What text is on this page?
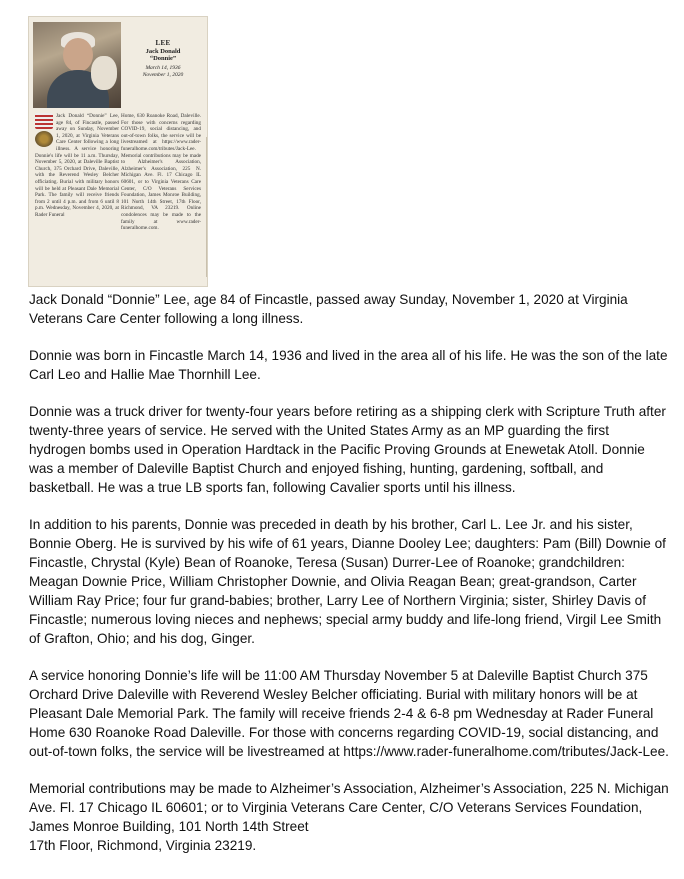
LEE
Jack Donald
“Donnie”
March 14, 1936
November 1, 2020
Jack Donald “Donnie” Lee, age 84, of Fincastle, passed away on Sunday, November 1, 2020, at Virginia Veterans Care Center following a long illness. A service honoring Donnie's life will be 11 a.m. Thursday, November 5, 2020, at Daleville Baptist Church, 375 Orchard Drive, Daleville, with the Reverend Wesley Belcher officiating. Burial with military honors will be held at Pleasant Dale Memorial Park. The family will receive friends from 2 until 4 p.m. and from 6 until 8 p.m. Wednesday, November 4, 2020, at Rader Funeral
Home, 630 Roanoke Road, Daleville. For those with concerns regarding COVID-19, social distancing, and out-of-town folks, the service will be livestreamed at https://www.rader-funeralhome.com/tributes/Jack-Lee. Memorial contributions may be made to Alzheimer's Association, Alzheimer's Association, 225 N. Michigan Ave. Fl. 17 Chicago IL 60601, or to Virginia Veterans Care Center, C/O Veterans Services Foundation, James Monroe Building, 101 North 14th Street, 17th Floor, Richmond, VA 23219. Online condolences may be made to the family at www.rader-funeralhome.com.

Jack Donald “Donnie” Lee, age 84 of Fincastle, passed away Sunday, November 1, 2020 at Virginia Veterans Care Center following a long illness.

Donnie was born in Fincastle March 14, 1936 and lived in the area all of his life. He was the son of the late Carl Leo and Hallie Mae Thornhill Lee.

Donnie was a truck driver for twenty-four years before retiring as a shipping clerk with Scripture Truth after twenty-three years of service. He served with the United States Army as an MP guarding the first hydrogen bombs used in Operation Hardtack in the Pacific Proving Grounds at Enewetak Atoll. Donnie was a member of Daleville Baptist Church and enjoyed fishing, hunting, gardening, softball, and basketball. He was a true LB sports fan, following Cavalier sports until his illness.

In addition to his parents, Donnie was preceded in death by his brother, Carl L. Lee Jr. and his sister, Bonnie Oberg. He is survived by his wife of 61 years, Dianne Dooley Lee; daughters: Pam (Bill) Downie of Fincastle, Chrystal (Kyle) Bean of Roanoke, Teresa (Susan) Durrer-Lee of Roanoke; grandchildren: Meagan Downie Price, William Christopher Downie, and Olivia Reagan Bean; great-grandson, Carter William Ray Price; four fur grand-babies; brother, Larry Lee of Northern Virginia; sister, Shirley Davis of Fincastle; numerous loving nieces and nephews; special army buddy and life-long friend, Virgil Lee Smith of Grafton, Ohio; and his dog, Ginger.

A service honoring Donnie’s life will be 11:00 AM Thursday November 5 at Daleville Baptist Church 375 Orchard Drive Daleville with Reverend Wesley Belcher officiating. Burial with military honors will be at Pleasant Dale Memorial Park. The family will receive friends 2-4 & 6-8 pm Wednesday at Rader Funeral Home 630 Roanoke Road Daleville. For those with concerns regarding COVID-19, social distancing, and out-of-town folks, the service will be livestreamed at https://www.rader-funeralhome.com/tributes/Jack-Lee.

Memorial contributions may be made to Alzheimer’s Association, Alzheimer’s Association, 225 N. Michigan Ave. Fl. 17 Chicago IL 60601; or to Virginia Veterans Care Center, C/O Veterans Services Foundation, James Monroe Building, 101 North 14th Street
17th Floor, Richmond, Virginia 23219.
